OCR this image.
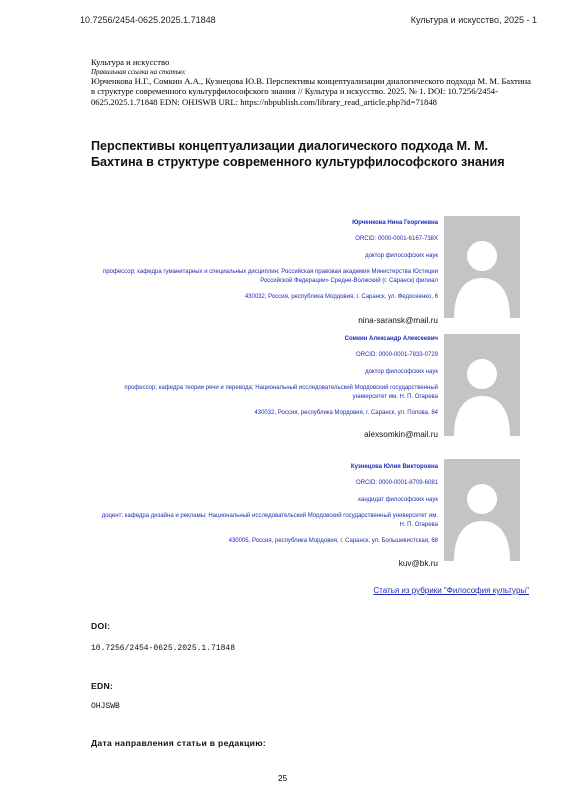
10.7256/2454-0625.2025.1.71848	Культура и искусство, 2025 - 1
Культура и искусство
Правильная ссылка на статью:
Юрченкова Н.Г., Сомкин А.А., Кузнецова Ю.В. Перспективы концептуализации диалогического подхода М. М. Бахтина в структуре современного культурфилософского знания // Культура и искусство. 2025. № 1. DOI: 10.7256/2454-0625.2025.1.71848 EDN: OHJSWB URL: https://nbpublish.com/library_read_article.php?id=71848
Перспективы концептуализации диалогического подхода М. М. Бахтина в структуре современного культурфилософского знания
Юрченкова Нина Георгиевна
ORCID: 0000-0001-6167-738X
доктор философских наук
профессор; кафедра гуманитарных и специальных дисциплин; Российская правовая академия Министерства Юстиции Российской Федерации» Средне-Волжский (г. Саранск) филиал
430032, Россия, республика Мордовия, г. Саранск, ул. Федосеенко, 6
nina-saransk@mail.ru
Сомкин Александр Алексеевич
ORCID: 0000-0001-7833-0729
доктор философских наук
профессор; кафедра теории речи и перевода; Национальный исследовательский Мордовский государственный университет им. Н. П. Огарева
430032, Россия, республика Мордовия, г. Саранск, ул. Попова, 84
alexsomkin@mail.ru
Кузнецова Юлия Викторовна
ORCID: 0000-0001-8709-6081
кандидат философских наук
доцент; кафедра дизайна и рекламы; Национальный исследовательский Мордовский государственный университет им. Н. П. Огарева
430005, Россия, республика Мордовия, г. Саранск, ул. Большевистская, 68
kuv@bk.ru
Статья из рубрики "Философия культуры"
DOI:
10.7256/2454-0625.2025.1.71848
EDN:
OHJSWB
Дата направления статьи в редакцию:
25
